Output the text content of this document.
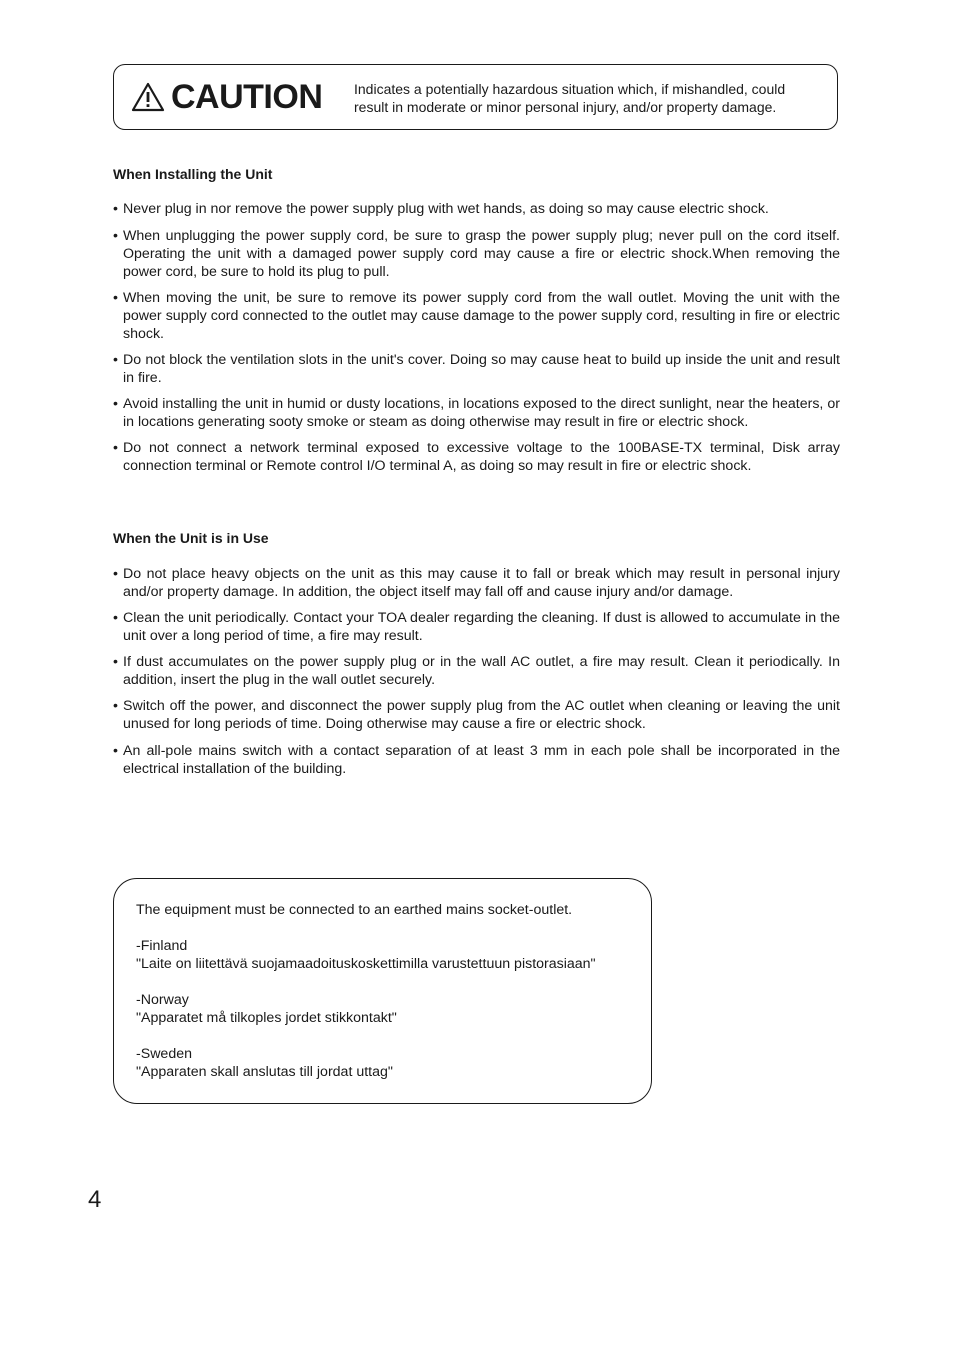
CAUTION Indicates a potentially hazardous situation which, if mishandled, could
result in moderate or minor personal injury, and/or property damage.
When Installing the Unit
• Never plug in nor remove the power supply plug with wet hands, as doing so may cause electric shock.
• When unplugging the power supply cord, be sure to grasp the power supply plug; never pull on the cord itself. Operating the unit with a damaged power supply cord may cause a fire or electric shock.When removing the power cord, be sure to hold its plug to pull.
• When moving the unit, be sure to remove its power supply cord from the wall outlet. Moving the unit with the power supply cord connected to the outlet may cause damage to the power supply cord, resulting in fire or electric shock.
• Do not block the ventilation slots in the unit's cover. Doing so may cause heat to build up inside the unit and result in fire.
• Avoid installing the unit in humid or dusty locations, in locations exposed to the direct sunlight, near the heaters, or in locations generating sooty smoke or steam as doing otherwise may result in fire or electric shock.
• Do not connect a network terminal exposed to excessive voltage to the 100BASE-TX terminal, Disk array connection terminal or Remote control I/O terminal A, as doing so may result in fire or electric shock.
When the Unit is in Use
• Do not place heavy objects on the unit as this may cause it to fall or break which may result in personal injury and/or property damage. In addition, the object itself may fall off and cause injury and/or damage.
• Clean the unit periodically. Contact your TOA dealer regarding the cleaning. If dust is allowed to accumulate in the unit over a long period of time, a fire may result.
• If dust accumulates on the power supply plug or in the wall AC outlet, a fire may result. Clean it periodically. In addition, insert the plug in the wall outlet securely.
• Switch off the power, and disconnect the power supply plug from the AC outlet when cleaning or leaving the unit unused for long periods of time. Doing otherwise may cause a fire or electric shock.
• An all-pole mains switch with a contact separation of at least 3 mm in each pole shall be incorporated in the electrical installation of the building.
The equipment must be connected to an earthed mains socket-outlet.
-Finland
"Laite on liitettävä suojamaadoituskoskettimilla varustettuun pistorasiaan"
-Norway
"Apparatet må tilkoples jordet stikkontakt"
-Sweden
"Apparaten skall anslutas till jordat uttag"
4
